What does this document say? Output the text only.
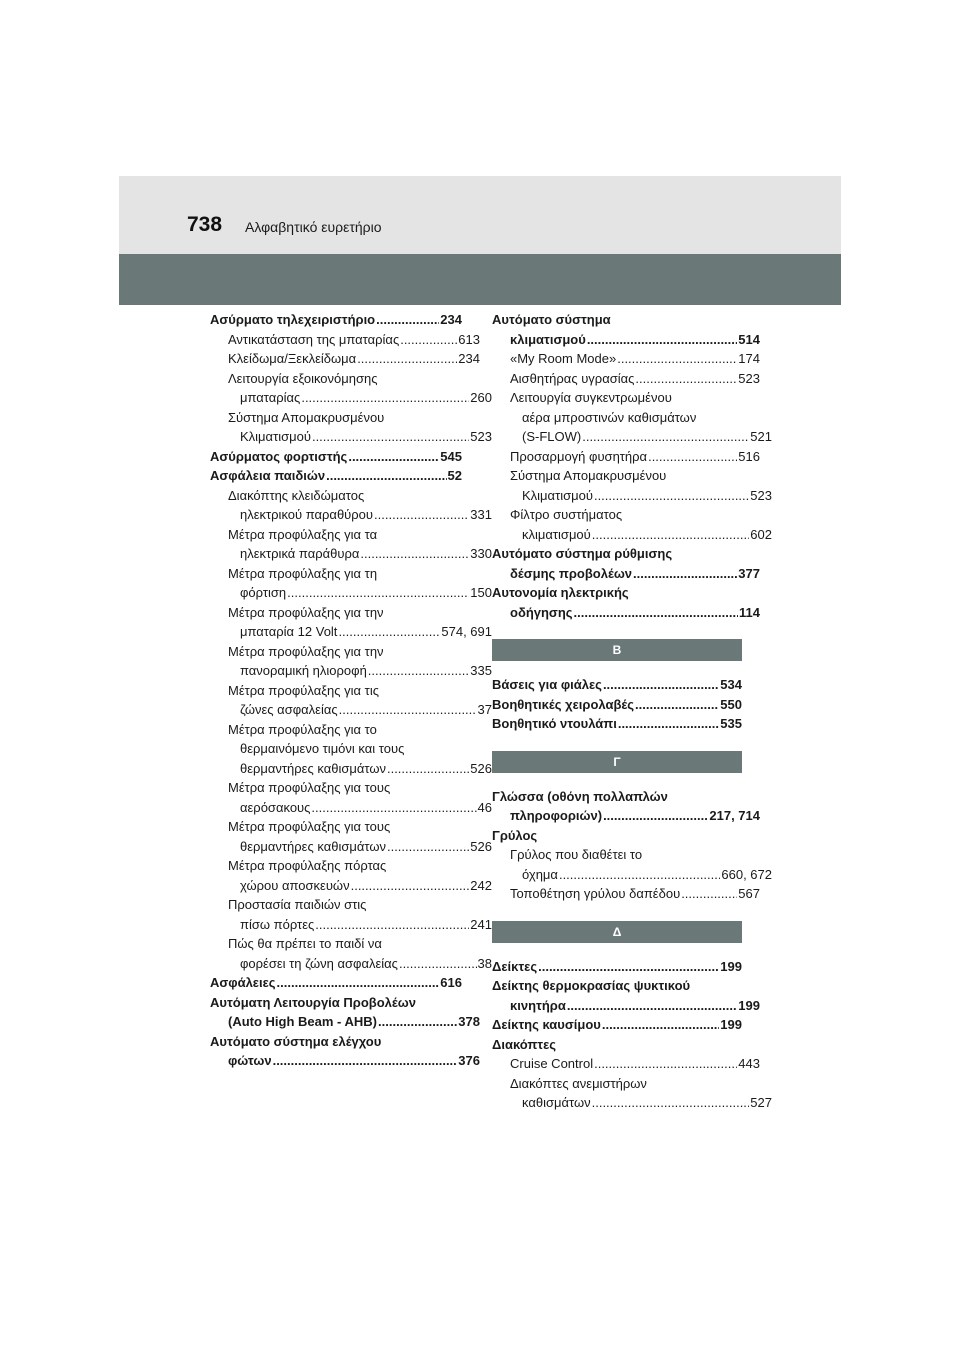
738 Αλφαβητικό ευρετήριο
Ασύρματο τηλεχειριστήριο .....	234
Αντικατάσταση της μπαταρίας .....	613
Κλείδωμα/Ξεκλείδωμα .....	234
Λειτουργία εξοικονόμησης
μπαταρίας .....	260
Σύστημα Απομακρυσμένου
Κλιματισμού .....	523
Ασύρματος φορτιστής .....	545
Ασφάλεια παιδιών .....	52
Διακόπτης κλειδώματος
ηλεκτρικού παραθύρου .....	331
Μέτρα προφύλαξης για τα
ηλεκτρικά παράθυρα .....	330
Μέτρα προφύλαξης για τη
φόρτιση .....	150
Μέτρα προφύλαξης για την
μπαταρία 12 Volt .....	574, 691
Μέτρα προφύλαξης για την
πανοραμική ηλιοροφή .....	335
Μέτρα προφύλαξης για τις
ζώνες ασφαλείας .....	37
Μέτρα προφύλαξης για το
θερμαινόμενο τιμόνι και τους
θερμαντήρες καθισμάτων .....	526
Μέτρα προφύλαξης για τους
αερόσακους .....	46
Μέτρα προφύλαξης για τους
θερμαντήρες καθισμάτων .....	526
Μέτρα προφύλαξης πόρτας
χώρου αποσκευών .....	242
Προστασία παιδιών στις
πίσω πόρτες .....	241
Πώς θα πρέπει το παιδί να
φορέσει τη ζώνη ασφαλείας .....	38
Ασφάλειες .....	616
Αυτόματη Λειτουργία Προβολέων
(Auto High Beam - AHB) .....	378
Αυτόματο σύστημα ελέγχου
φώτων .....	376
Αυτόματο σύστημα
κλιματισμού .....	514
«My Room Mode» .....	174
Αισθητήρας υγρασίας .....	523
Λειτουργία συγκεντρωμένου
αέρα μπροστινών καθισμάτων
(S-FLOW) .....	521
Προσαρμογή φυσητήρα .....	516
Σύστημα Απομακρυσμένου
Κλιματισμού .....	523
Φίλτρο συστήματος
κλιματισμού .....	602
Αυτόματο σύστημα ρύθμισης
δέσμης προβολέων .....	377
Αυτονομία ηλεκτρικής
οδήγησης .....	114
Β
Βάσεις για φιάλες .....	534
Βοηθητικές χειρολαβές .....	550
Βοηθητικό ντουλάπι .....	535
Γ
Γλώσσα (οθόνη πολλαπλών
πληροφοριών) .....	217, 714
Γρύλος
Γρύλος που διαθέτει το
όχημα .....	660, 672
Τοποθέτηση γρύλου δαπέδου .....	567
Δ
Δείκτες .....	199
Δείκτης θερμοκρασίας ψυκτικού
κινητήρα .....	199
Δείκτης καυσίμου .....	199
Διακόπτες
Cruise Control .....	443
Διακόπτες ανεμιστήρων
καθισμάτων .....	527
